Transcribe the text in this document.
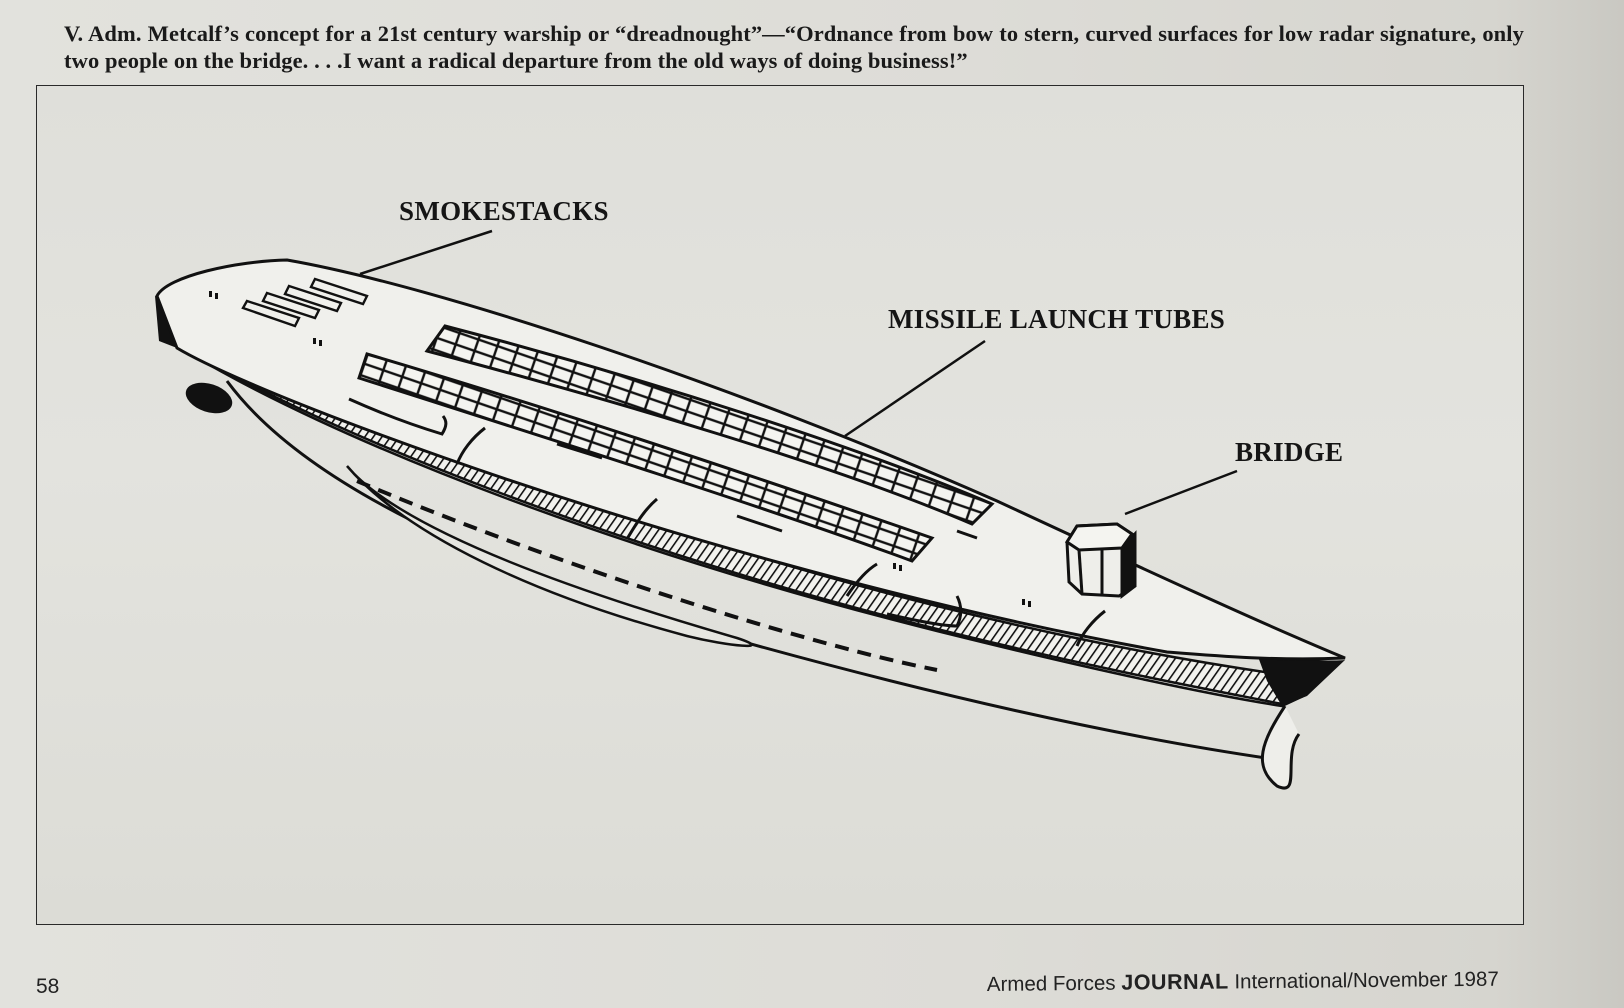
V. Adm. Metcalf’s concept for a 21st century warship or “dreadnought”—“Ordnance from bow to stern, curved surfaces for low radar signature, only two people on the bridge. . . .I want a radical departure from the old ways of doing business!”
SMOKESTACKS
MISSILE LAUNCH TUBES
BRIDGE
58	Armed Forces JOURNAL International/November 1987
